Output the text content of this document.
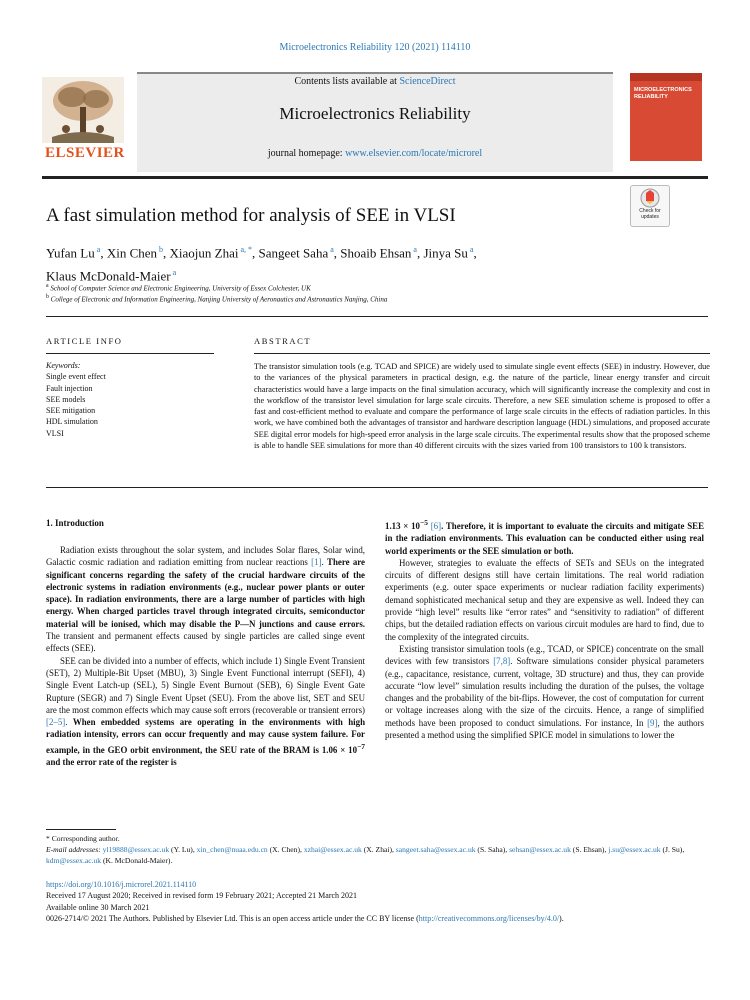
Microelectronics Reliability 120 (2021) 114110
ELSEVIER
Contents lists available at ScienceDirect
Microelectronics Reliability
journal homepage: www.elsevier.com/locate/microrel
MICROELECTRONICS RELIABILITY
A fast simulation method for analysis of SEE in VLSI	Check for updates
Yufan Lu $^a$, Xin Chen $^b$, Xiaojun Zhai $^{a, *}$, Sangeet Saha $^a$, Shoaib Ehsan $^a$, Jinya Su $^a$,
Klaus McDonald-Maier $^a$
$^a$ School of Computer Science and Electronic Engineering, University of Essex Colchester, UK
$^b$ College of Electronic and Information Engineering, Nanjing University of Aeronautics and Astronautics Nanjing, China
ARTICLE INFO	ABSTRACT
Keywords:
Single event effect
Fault injection
SEE models
SEE mitigation
HDL simulation
VLSI
The transistor simulation tools (e.g. TCAD and SPICE) are widely used to simulate single event effects (SEE) in industry. However, due to the variances of the physical parameters in practical design, e.g. the nature of the particle, linear energy transfer and circuit characteristics would have a large impacts on the final simulation accuracy, which will significantly increase the complexity and cost in the workflow of the transistor level simulation for large scale circuits. Therefore, a new SEE simulation scheme is proposed to offer a fast and cost-efficient method to evaluate and compare the performance of large scale circuits in the effects of radiation particles. In this work, we have combined both the advantages of transistor and hardware description language (HDL) simulations, and proposed accurate SEE digital error models for high-speed error analysis in the large scale circuits. The experimental results show that the proposed scheme is able to handle SEE simulations for more than 40 different circuits with the sizes varied from 100 transistors to 100 k transistors.
1. Introduction

Radiation exists throughout the solar system, and includes Solar flares, Solar wind, Galactic cosmic radiation and radiation emitting from nuclear reactions [1]. There are significant concerns regarding the safety of the crucial hardware circuits of the electronic systems in radiation environments (e.g., nuclear power plants or outer space). In radiation environments, there are a large number of particles with high energy. When charged particles travel through integrated circuits, semiconductor material will be ionised, which may disable the P—N junctions and cause errors. The transient and permanent effects caused by single particles are called singe event effects (SEE).

SEE can be divided into a number of effects, which include 1) Single Event Transient (SET), 2) Multiple-Bit Upset (MBU), 3) Single Event Functional interrupt (SEFI), 4) Single Event Latch-up (SEL), 5) Single Event Burnout (SEB), 6) Single Event Gate Rupture (SEGR) and 7) Single Event Upset (SEU). From the above list, SET and SEU are the most common effects which may cause soft errors (recoverable or transient errors) [2–5]. When embedded systems are operating in the environments with high radiation intensity, errors can occur frequently and may cause system failure. For example, in the GEO orbit environment, the SEU rate of the BRAM is $1.06 \times 10^{-7}$ and the error rate of the register is

$1.13 \times 10^{-5}$ [6]. Therefore, it is important to evaluate the circuits and mitigate SEE in the radiation environments. This evaluation can be conducted either using real world experiments or the SEE simulation or both.

However, strategies to evaluate the effects of SETs and SEUs on the integrated circuits of different designs still have certain limitations. The real world radiation experiments (e.g. outer space experiments or nuclear radiation facility experiments) demand sophisticated mechanical setup and they are expensive as well. Indeed they can provide “high level” results like “error rates” and “sensitivity to radiation” of different chips, but the detailed radiation effects on various circuit modules are hard to find, due to the complexity of the integrated circuits.

Existing transistor simulation tools (e.g., TCAD, or SPICE) concentrate on the small devices with few transistors [7,8]. Software simulations consider physical parameters (e.g., capacitance, resistance, current, voltage, 3D structure) and thus, they can provide accurate “low level” simulation results including the duration of the pulses, the voltage changes and the probability of the bit-flips. However, the cost of computation for current or voltage increases along with the size of the circuits. Hence, a range of simplified methods have been proposed to conduct simulations. For instance, In [9], the authors presented a method using the simplified SPICE model in simulations to lower the

* Corresponding author.
E-mail addresses: yl19888@essex.ac.uk (Y. Lu), xin_chen@nuaa.edu.cn (X. Chen), xzhai@essex.ac.uk (X. Zhai), sangeet.saha@essex.ac.uk (S. Saha), sehsan@essex.ac.uk (S. Ehsan), j.su@essex.ac.uk (J. Su), kdm@essex.ac.uk (K. McDonald-Maier).
https://doi.org/10.1016/j.microrel.2021.114110
Received 17 August 2020; Received in revised form 19 February 2021; Accepted 21 March 2021
Available online 30 March 2021
0026-2714/© 2021 The Authors. Published by Elsevier Ltd. This is an open access article under the CC BY license (http://creativecommons.org/licenses/by/4.0/).
